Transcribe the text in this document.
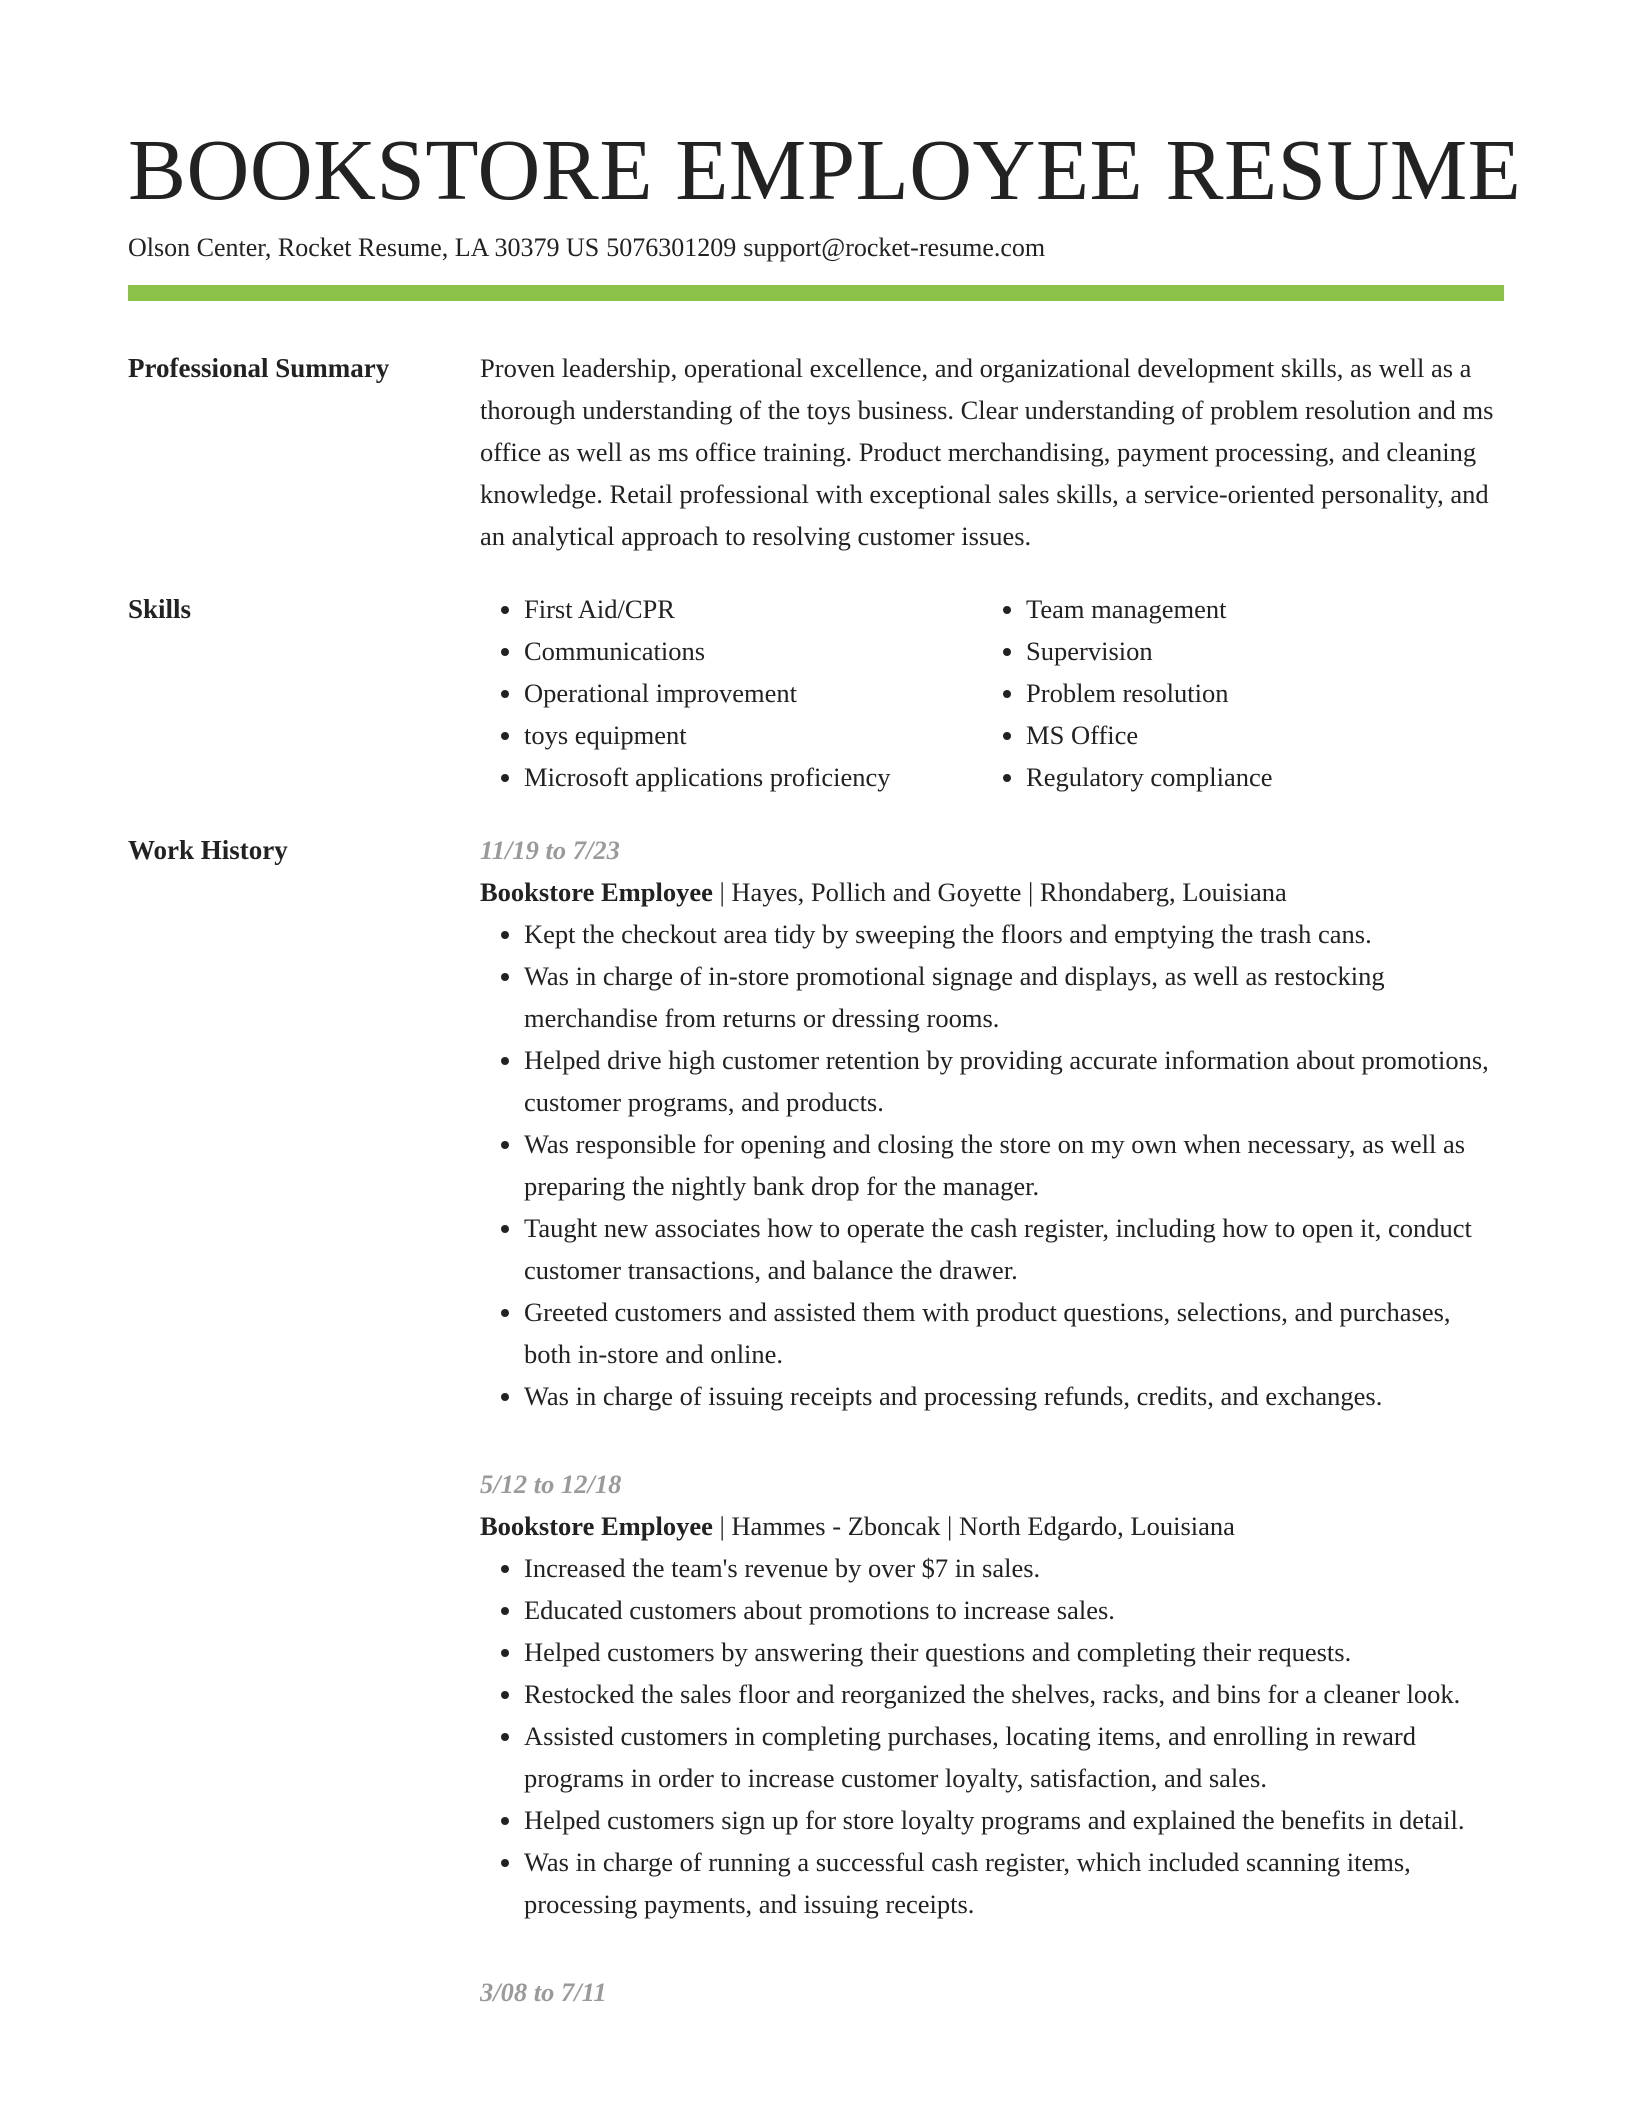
BOOKSTORE EMPLOYEE RESUME
Olson Center, Rocket Resume, LA 30379 US 5076301209 support@rocket-resume.com
Professional Summary	Proven leadership, operational excellence, and organizational development skills, as well as a thorough understanding of the toys business. Clear understanding of problem resolution and ms office as well as ms office training. Product merchandising, payment processing, and cleaning knowledge. Retail professional with exceptional sales skills, a service-oriented personality, and an analytical approach to resolving customer issues.

Skills
•	First Aid/CPR
• Communications
• Operational improvement
• toys equipment
• Microsoft applications proficiency
• Team management
• Supervision
• Problem resolution
• MS Office
• Regulatory compliance
Work History	11/19 to 7/23
Bookstore Employee | Hayes, Pollich and Goyette | Rhondaberg, Louisiana
• Kept the checkout area tidy by sweeping the floors and emptying the trash cans.
• Was in charge of in-store promotional signage and displays, as well as restocking merchandise from returns or dressing rooms.
• Helped drive high customer retention by providing accurate information about promotions, customer programs, and products.
• Was responsible for opening and closing the store on my own when necessary, as well as preparing the nightly bank drop for the manager.
• Taught new associates how to operate the cash register, including how to open it, conduct customer transactions, and balance the drawer.
• Greeted customers and assisted them with product questions, selections, and purchases, both in-store and online.
• Was in charge of issuing receipts and processing refunds, credits, and exchanges.
5/12 to 12/18
Bookstore Employee | Hammes - Zboncak | North Edgardo, Louisiana
• Increased the team's revenue by over $7 in sales.
• Educated customers about promotions to increase sales.
• Helped customers by answering their questions and completing their requests.
• Restocked the sales floor and reorganized the shelves, racks, and bins for a cleaner look.
• Assisted customers in completing purchases, locating items, and enrolling in reward programs in order to increase customer loyalty, satisfaction, and sales.
• Helped customers sign up for store loyalty programs and explained the benefits in detail.
• Was in charge of running a successful cash register, which included scanning items, processing payments, and issuing receipts.
3/08 to 7/11
